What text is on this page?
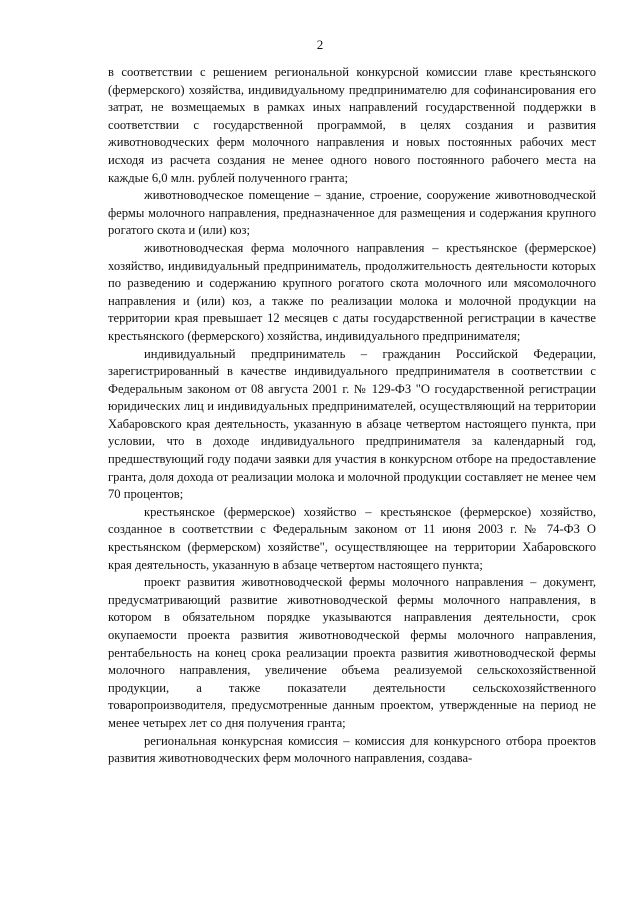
2

в соответствии с решением региональной конкурсной комиссии главе крестьянского (фермерского) хозяйства, индивидуальному предпринимателю для софинансирования его затрат, не возмещаемых в рамках иных направлений государственной поддержки в соответствии с государственной программой, в целях создания и развития животноводческих ферм молочного направления и новых постоянных рабочих мест исходя из расчета создания не менее одного нового постоянного рабочего места на каждые 6,0 млн. рублей полученного гранта;

животноводческое помещение – здание, строение, сооружение животноводческой фермы молочного направления, предназначенное для размещения и содержания крупного рогатого скота и (или) коз;

животноводческая ферма молочного направления – крестьянское (фермерское) хозяйство, индивидуальный предприниматель, продолжительность деятельности которых по разведению и содержанию крупного рогатого скота молочного или мясомолочного направления и (или) коз, а также по реализации молока и молочной продукции на территории края превышает 12 месяцев с даты государственной регистрации в качестве крестьянского (фермерского) хозяйства, индивидуального предпринимателя;

индивидуальный предприниматель – гражданин Российской Федерации, зарегистрированный в качестве индивидуального предпринимателя в соответствии с Федеральным законом от 08 августа 2001 г. № 129-ФЗ "О государственной регистрации юридических лиц и индивидуальных предпринимателей, осуществляющий на территории Хабаровского края деятельность, указанную в абзаце четвертом настоящего пункта, при условии, что в доходе индивидуального предпринимателя за календарный год, предшествующий году подачи заявки для участия в конкурсном отборе на предоставление гранта, доля дохода от реализации молока и молочной продукции составляет не менее чем 70 процентов;

крестьянское (фермерское) хозяйство – крестьянское (фермерское) хозяйство, созданное в соответствии с Федеральным законом от 11 июня 2003 г. № 74-ФЗ О крестьянском (фермерском) хозяйстве", осуществляющее на территории Хабаровского края деятельность, указанную в абзаце четвертом настоящего пункта;

проект развития животноводческой фермы молочного направления – документ, предусматривающий развитие животноводческой фермы молочного направления, в котором в обязательном порядке указываются направления деятельности, срок окупаемости проекта развития животноводческой фермы молочного направления, рентабельность на конец срока реализации проекта развития животноводческой фермы молочного направления, увеличение объема реализуемой сельскохозяйственной продукции, а также показатели деятельности сельскохозяйственного товаропроизводителя, предусмотренные данным проектом, утвержденные на период не менее четырех лет со дня получения гранта;

региональная конкурсная комиссия – комиссия для конкурсного отбора проектов развития животноводческих ферм молочного направления, создава-
